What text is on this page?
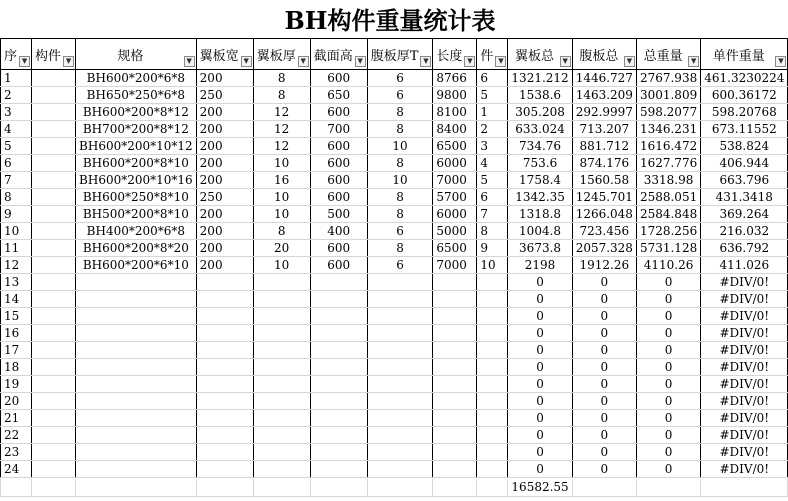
BH构件重量统计表
序 ▼	构件 ▼	规格 ▼	翼板宽 ▼	翼板厚 ▼	截面高 ▼	腹板厚T ▼	长度 ▼	件 ▼	翼板总 ▼	腹板总 ▼	总重量 ▼	单件重量 ▼

1		BH600*200*6*8	200	8	600	6	8766	6	1321.212	1446.727	2767.938	461.3230224
2		BH650*250*6*8	250	8	650	6	9800	5	1538.6	1463.209	3001.809	600.36172
3		BH600*200*8*12	200	12	600	8	8100	1	305.208	292.9997	598.2077	598.20768
4		BH700*200*8*12	200	12	700	8	8400	2	633.024	713.207	1346.231	673.11552
5		BH600*200*10*12	200	12	600	10	6500	3	734.76	881.712	1616.472	538.824
6		BH600*200*8*10	200	10	600	8	6000	4	753.6	874.176	1627.776	406.944
7		BH600*200*10*16	200	16	600	10	7000	5	1758.4	1560.58	3318.98	663.796
8		BH600*250*8*10	250	10	600	8	5700	6	1342.35	1245.701	2588.051	431.3418
9		BH500*200*8*10	200	10	500	8	6000	7	1318.8	1266.048	2584.848	369.264
10		BH400*200*6*8	200	8	400	6	5000	8	1004.8	723.456	1728.256	216.032
11		BH600*200*8*20	200	20	600	8	6500	9	3673.8	2057.328	5731.128	636.792
12		BH600*200*6*10	200	10	600	6	7000	10	2198	1912.26	4110.26	411.026
13									0	0	0	#DIV/0!
14									0	0	0	#DIV/0!
15									0	0	0	#DIV/0!
16									0	0	0	#DIV/0!
17									0	0	0	#DIV/0!
18									0	0	0	#DIV/0!
19									0	0	0	#DIV/0!
20									0	0	0	#DIV/0!
21									0	0	0	#DIV/0!
22									0	0	0	#DIV/0!
23									0	0	0	#DIV/0!
24									0	0	0	#DIV/0!
									16582.55			
